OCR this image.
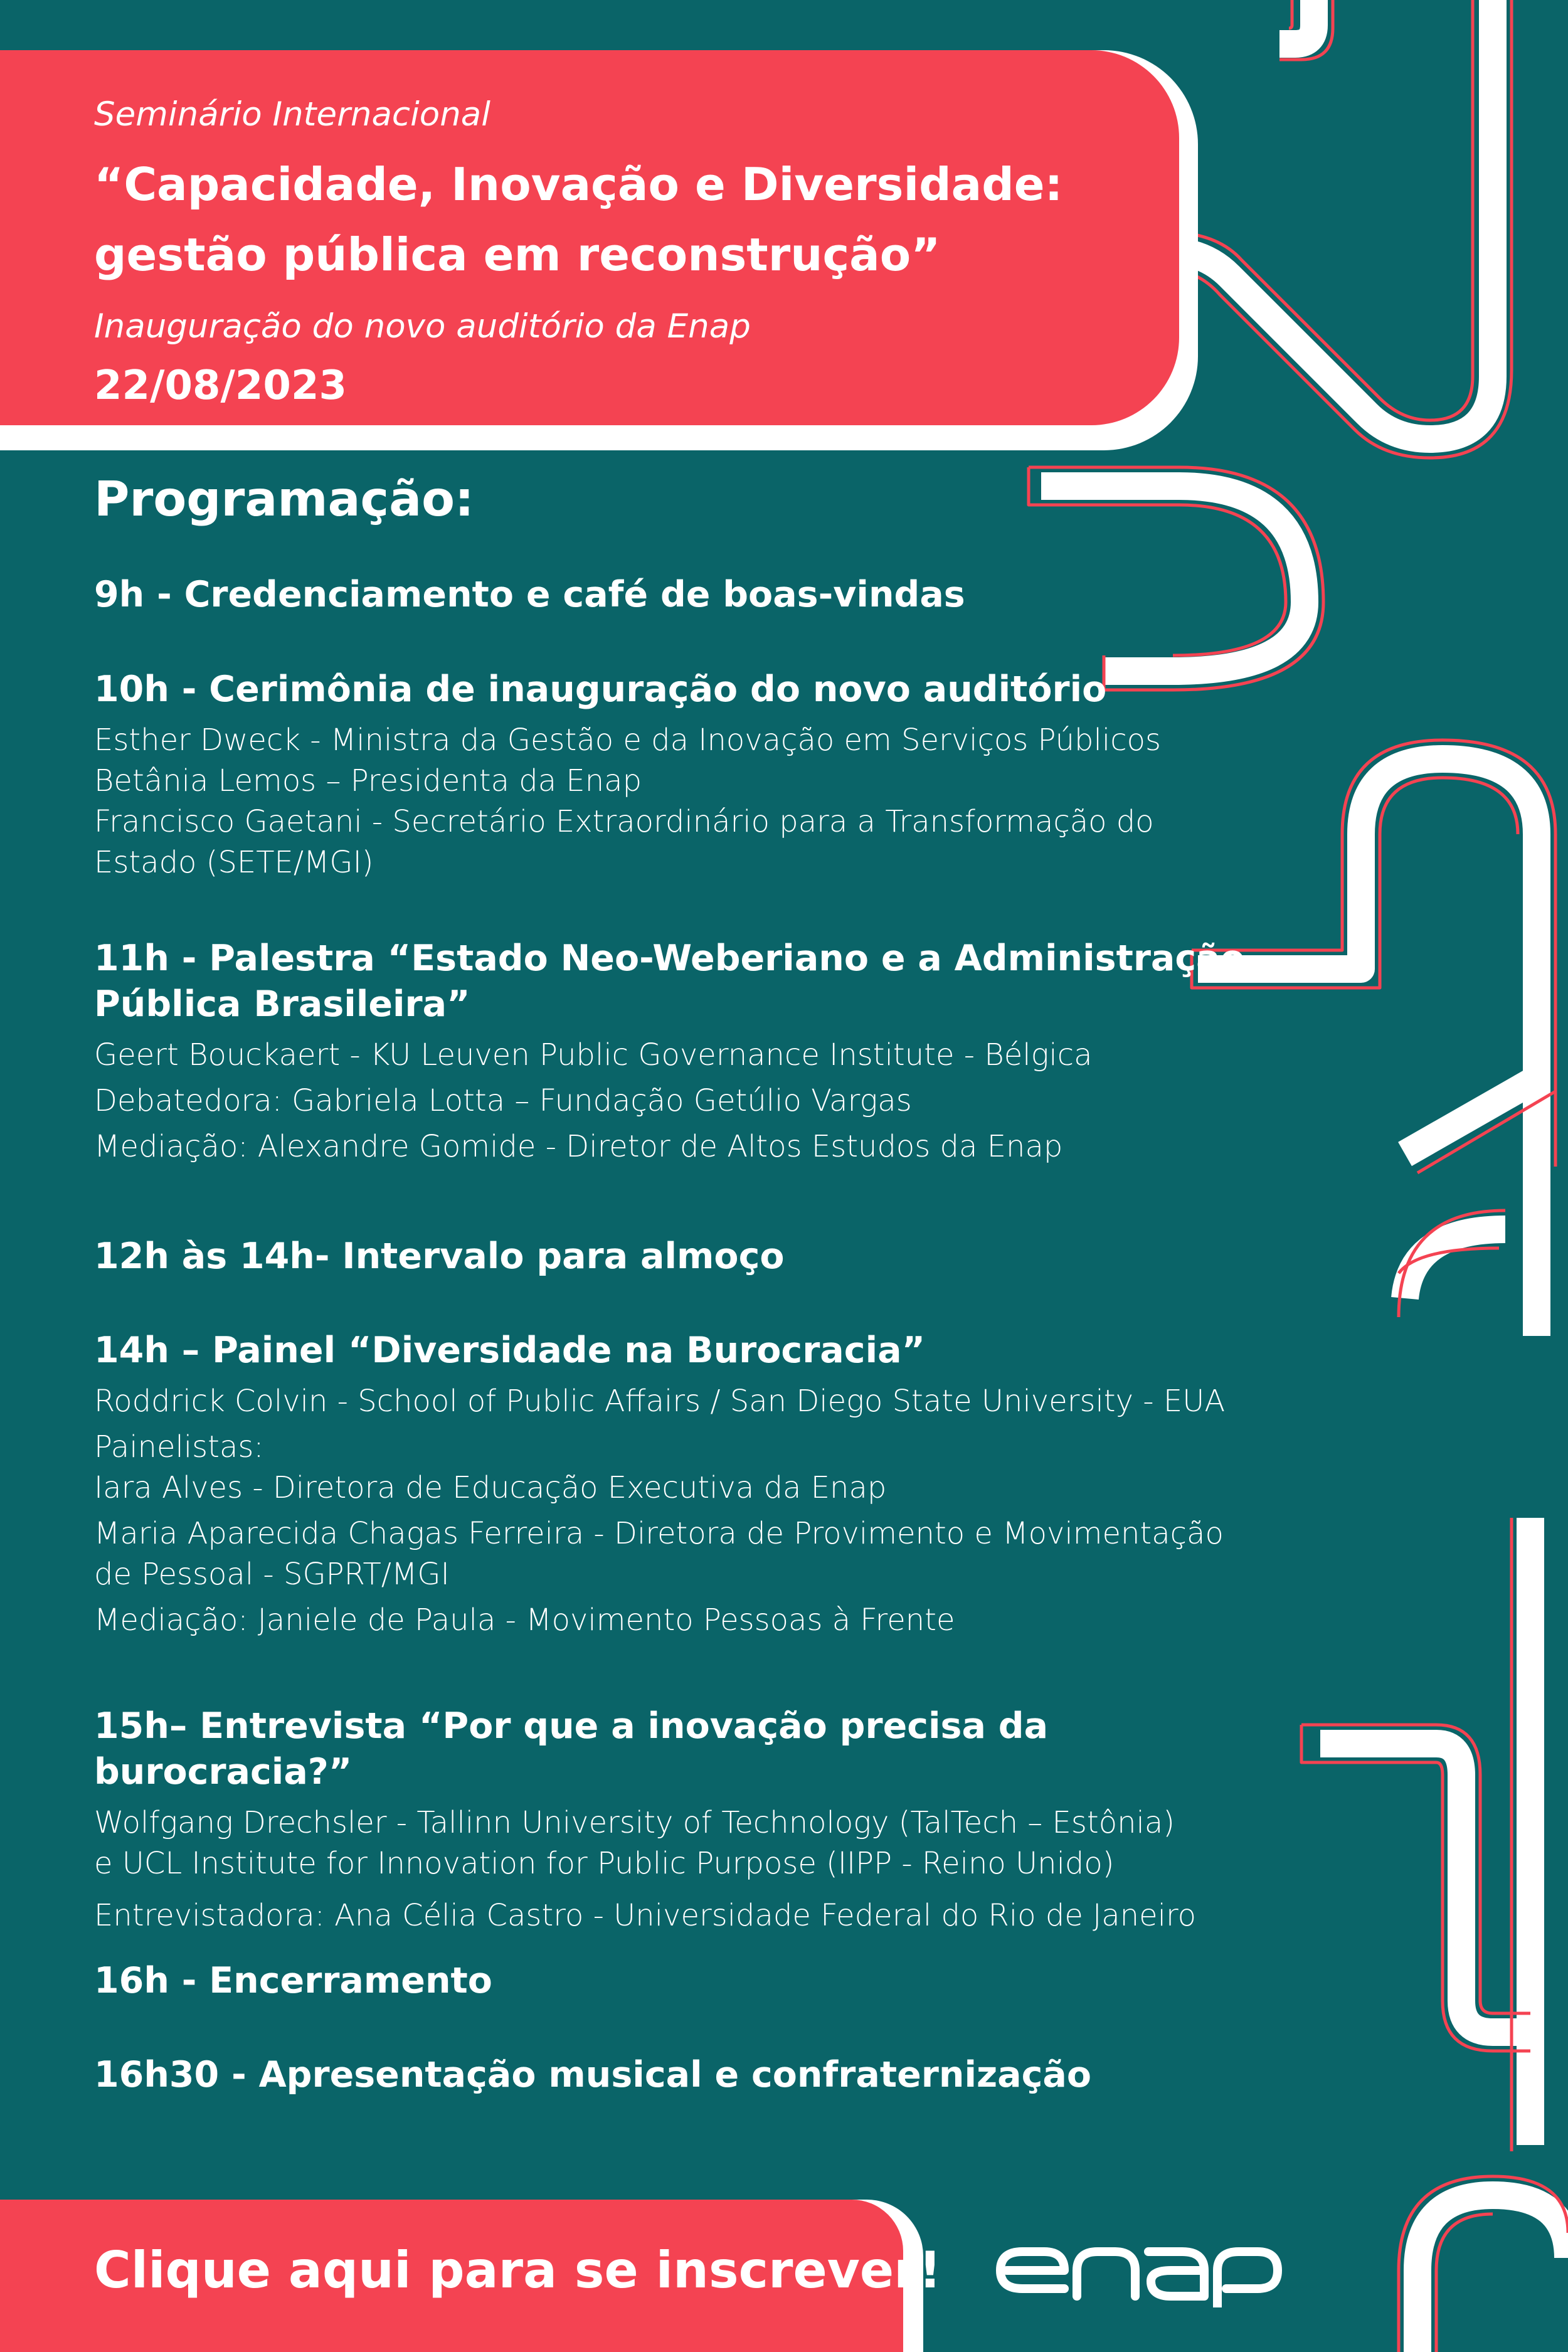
Seminário Internacional

“Capacidade, Inovação e Diversidade:
gestão pública em reconstrução”

Inauguração do novo auditório da Enap

22/08/2023

Programação:

9h - Credenciamento e café de boas-vindas

10h - Cerimônia de inauguração do novo auditório

Esther Dweck - Ministra da Gestão e da Inovação em Serviços Públicos

Betânia Lemos – Presidenta da Enap

Francisco Gaetani - Secretário Extraordinário para a Transformação do

Estado (SETE/MGI)

11h - Palestra “Estado Neo-Weberiano e a Administração
Pública Brasileira”

Geert Bouckaert - KU Leuven Public Governance Institute - Bélgica

Debatedora: Gabriela Lotta – Fundação Getúlio Vargas

Mediação: Alexandre Gomide - Diretor de Altos Estudos da Enap

12h às 14h- Intervalo para almoço

14h – Painel “Diversidade na Burocracia”

Roddrick Colvin - School of Public Affairs / San Diego State University - EUA

Painelistas:

Iara Alves - Diretora de Educação Executiva da Enap

Maria Aparecida Chagas Ferreira - Diretora de Provimento e Movimentação

de Pessoal - SGPRT/MGI

Mediação: Janiele de Paula - Movimento Pessoas à Frente

15h– Entrevista “Por que a inovação precisa da burocracia?”

Wolfgang Drechsler - Tallinn University of Technology (TalTech – Estônia)

e UCL Institute for Innovation for Public Purpose (IIPP - Reino Unido)

Entrevistadora: Ana Célia Castro - Universidade Federal do Rio de Janeiro

16h - Encerramento

16h30 - Apresentação musical e confraternização

Clique aqui para se inscrever!
